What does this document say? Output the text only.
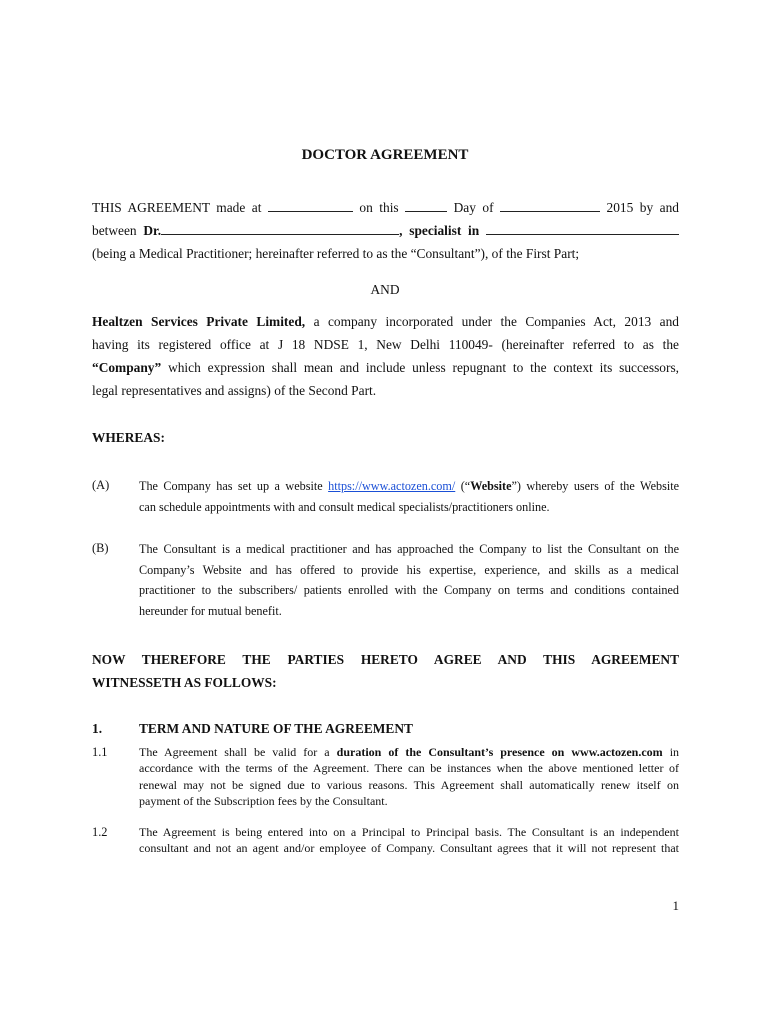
DOCTOR AGREEMENT
THIS AGREEMENT made at	on this	Day of	2015 by and
between Dr.	, specialist in
(being a Medical Practitioner; hereinafter referred to as the “Consultant”), of the First Part;
AND
Healtzen Services Private Limited, a company incorporated under the Companies Act, 2013 and
having its registered office at J 18 NDSE 1, New Delhi 110049- (hereinafter referred to as the
“Company” which expression shall mean and include unless repugnant to the context its successors,
legal representatives and assigns) of the Second Part.
WHEREAS:
(A) The Company has set up a website https://www.actozen.com/ (“Website”) whereby users of the Website
can schedule appointments with and consult medical specialists/practitioners online.
(B) The Consultant is a medical practitioner and has approached the Company to list the Consultant on the
Company’s Website and has offered to provide his expertise, experience, and skills as a medical
practitioner to the subscribers/ patients enrolled with the Company on terms and conditions contained
hereunder for mutual benefit.
NOW THEREFORE THE PARTIES HERETO AGREE AND THIS AGREEMENT
WITNESSETH AS FOLLOWS:
1.	TERM AND NATURE OF THE AGREEMENT
1.1	The Agreement shall be valid for a duration of the Consultant’s presence on www.actozen.com in
accordance with the terms of the Agreement. There can be instances when the above mentioned letter of
renewal may not be signed due to various reasons. This Agreement shall automatically renew itself on
payment of the Subscription fees by the Consultant.
1.2	The Agreement is being entered into on a Principal to Principal basis. The Consultant is an independent
consultant and not an agent and/or employee of Company. Consultant agrees that it will not represent that
1
